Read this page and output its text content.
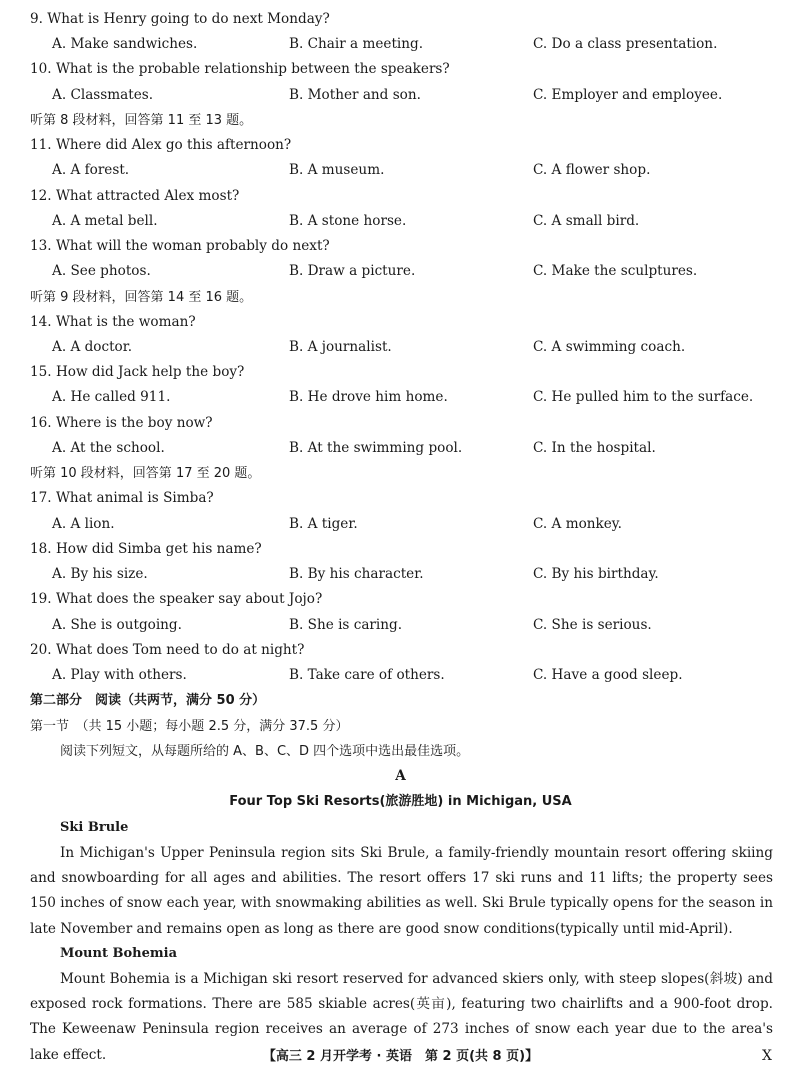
9. What is Henry going to do next Monday?
A. Make sandwiches.	B. Chair a meeting.	C. Do a class presentation.
10. What is the probable relationship between the speakers?
A. Classmates.	B. Mother and son.	C. Employer and employee.
听第 8 段材料，回答第 11 至 13 题。
11. Where did Alex go this afternoon?
A. A forest.	B. A museum.	C. A flower shop.
12. What attracted Alex most?
A. A metal bell.	B. A stone horse.	C. A small bird.
13. What will the woman probably do next?
A. See photos.	B. Draw a picture.	C. Make the sculptures.
听第 9 段材料，回答第 14 至 16 题。
14. What is the woman?
A. A doctor.	B. A journalist.	C. A swimming coach.
15. How did Jack help the boy?
A. He called 911.	B. He drove him home.	C. He pulled him to the surface.
16. Where is the boy now?
A. At the school.	B. At the swimming pool.	C. In the hospital.
听第 10 段材料，回答第 17 至 20 题。
17. What animal is Simba?
A. A lion.	B. A tiger.	C. A monkey.
18. How did Simba get his name?
A. By his size.	B. By his character.	C. By his birthday.
19. What does the speaker say about Jojo?
A. She is outgoing.	B. She is caring.	C. She is serious.
20. What does Tom need to do at night?
A. Play with others.	B. Take care of others.	C. Have a good sleep.
第二部分　阅读（共两节，满分 50 分）
第一节　（共 15 小题；每小题 2.5 分，满分 37.5 分）
阅读下列短文，从每题所给的 A、B、C、D 四个选项中选出最佳选项。
A
Four Top Ski Resorts(旅游胜地) in Michigan, USA
Ski Brule

In Michigan's Upper Peninsula region sits Ski Brule, a family-friendly mountain resort offering skiing and snowboarding for all ages and abilities. The resort offers 17 ski runs and 11 lifts; the property sees 150 inches of snow each year, with snowmaking abilities as well. Ski Brule typically opens for the season in late November and remains open as long as there are good snow conditions(typically until mid-April).

Mount Bohemia

Mount Bohemia is a Michigan ski resort reserved for advanced skiers only, with steep slopes(斜坡) and exposed rock formations. There are 585 skiable acres(英亩), featuring two chairlifts and a 900-foot drop. The Keweenaw Peninsula region receives an average of 273 inches of snow each year due to the area's lake effect.	【高三 2 月开学考 · 英语　第 2 页(共 8 页)】	X
